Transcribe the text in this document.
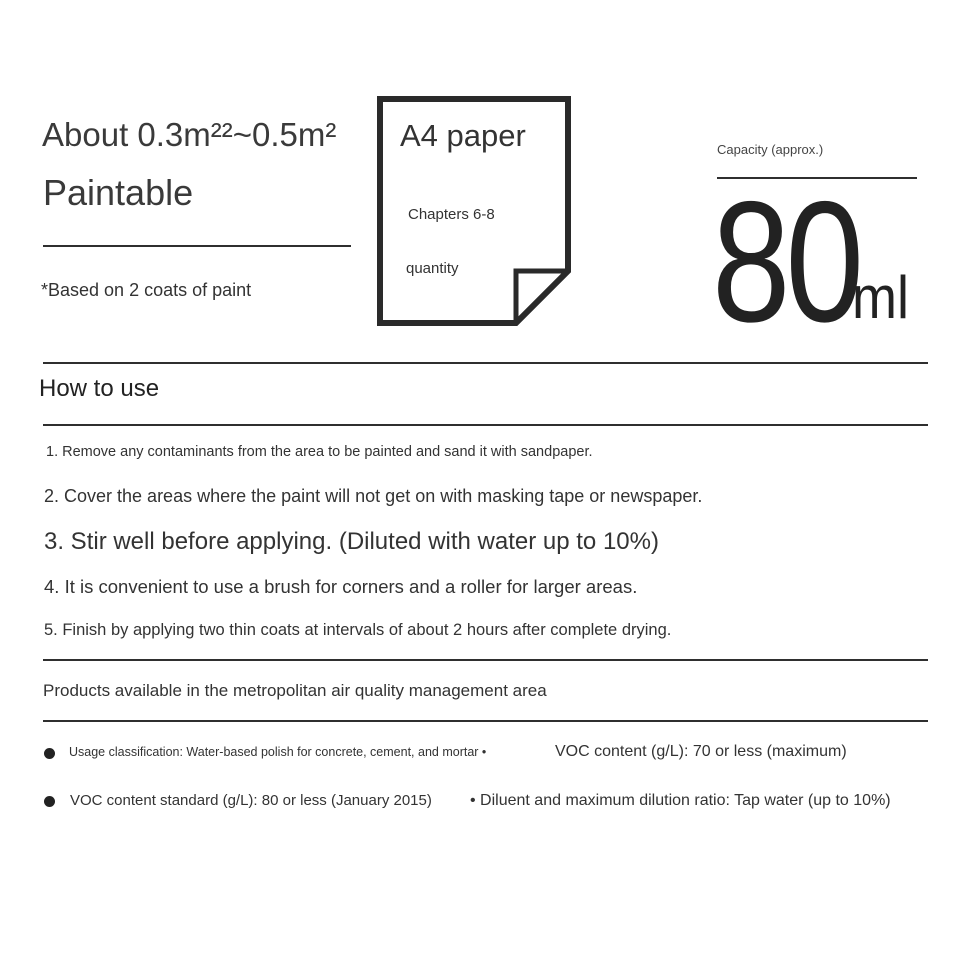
About 0.3m²²~0.5m²
Paintable
*Based on 2 coats of paint
A4 paper
Chapters 6-8
quantity
Capacity (approx.)
80
ml
How to use
1. Remove any contaminants from the area to be painted and sand it with sandpaper.
2. Cover the areas where the paint will not get on with masking tape or newspaper.
3. Stir well before applying. (Diluted with water up to 10%)
4. It is convenient to use a brush for corners and a roller for larger areas.
5. Finish by applying two thin coats at intervals of about 2 hours after complete drying.
Products available in the metropolitan air quality management area
Usage classification: Water-based polish for concrete, cement, and mortar •	VOC content (g/L): 70 or less (maximum)
VOC content standard (g/L): 80 or less (January 2015) • Diluent and maximum dilution ratio: Tap water (up to 10%)
